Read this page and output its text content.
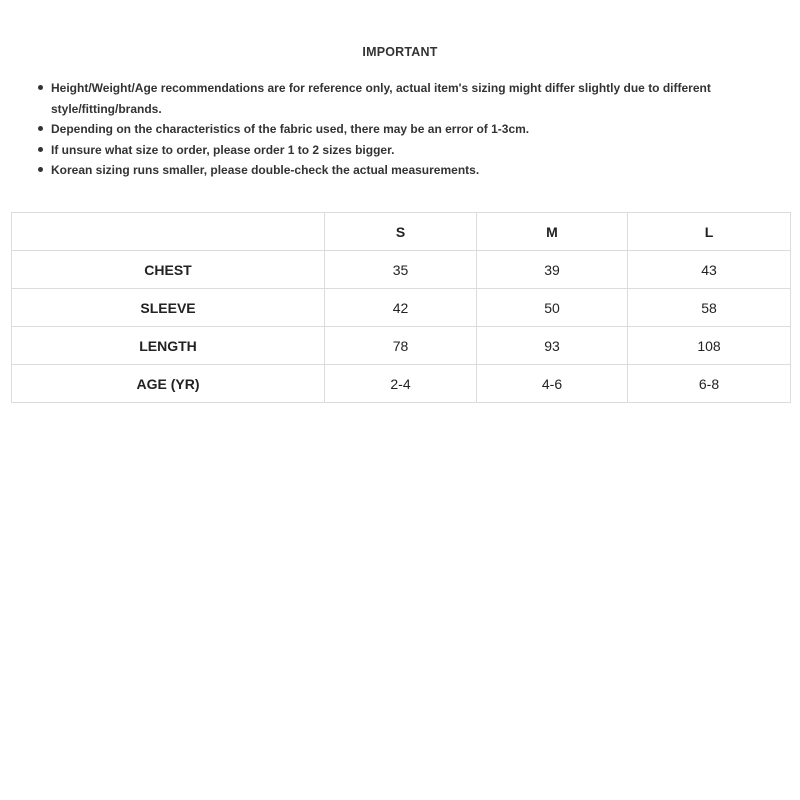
IMPORTANT
Height/Weight/Age recommendations are for reference only, actual item's sizing might differ slightly due to different style/fitting/brands.
Depending on the characteristics of the fabric used, there may be an error of 1-3cm.
If unsure what size to order, please order 1 to 2 sizes bigger.
Korean sizing runs smaller, please double-check the actual measurements.
	S	M	L
CHEST	35	39	43
SLEEVE	42	50	58
LENGTH	78	93	108
AGE (YR)	2-4	4-6	6-8
